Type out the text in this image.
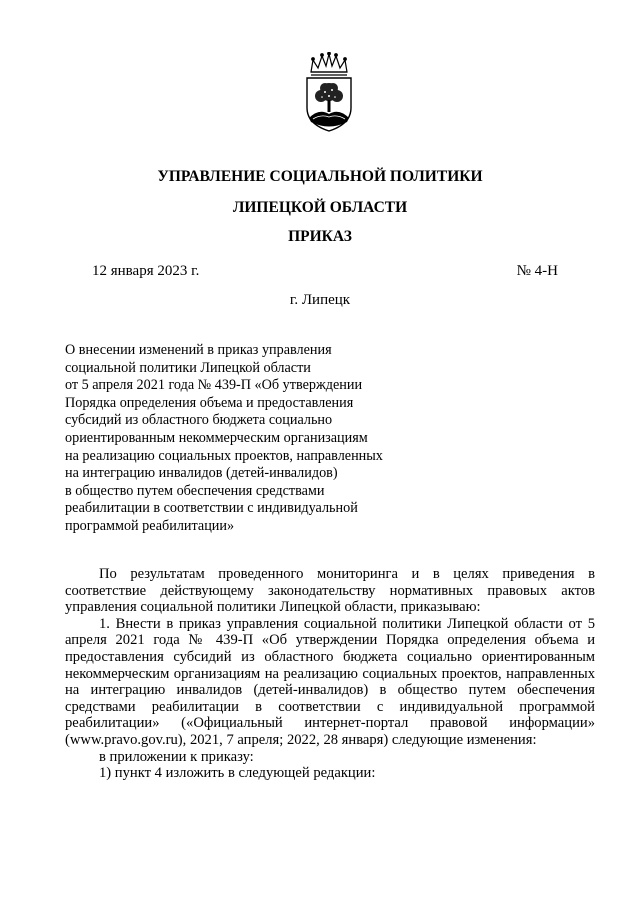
УПРАВЛЕНИЕ СОЦИАЛЬНОЙ ПОЛИТИКИ
ЛИПЕЦКОЙ ОБЛАСТИ
ПРИКАЗ
12 января 2023 г.	№ 4-Н
г. Липецк
О внесении изменений в приказ управления
социальной политики Липецкой области
от 5 апреля 2021 года № 439-П «Об утверждении
Порядка определения объема и предоставления
субсидий из областного бюджета социально
ориентированным некоммерческим организациям
на реализацию социальных проектов, направленных
на интеграцию инвалидов (детей-инвалидов)
в общество путем обеспечения средствами
реабилитации в соответствии с индивидуальной
программой реабилитации»

По результатам проведенного мониторинга и в целях приведения в соответствие действующему законодательству нормативных правовых актов управления социальной политики Липецкой области, приказываю:

1. Внести в приказ управления социальной политики Липецкой области от 5 апреля 2021 года № 439-П «Об утверждении Порядка определения объема и предоставления субсидий из областного бюджета социально ориентированным некоммерческим организациям на реализацию социальных проектов, направленных на интеграцию инвалидов (детей-инвалидов) в общество путем обеспечения средствами реабилитации в соответствии с индивидуальной программой реабилитации» («Официальный интернет-портал правовой информации» (www.pravo.gov.ru), 2021, 7 апреля; 2022, 28 января) следующие изменения:

в приложении к приказу:

1) пункт 4 изложить в следующей редакции:
